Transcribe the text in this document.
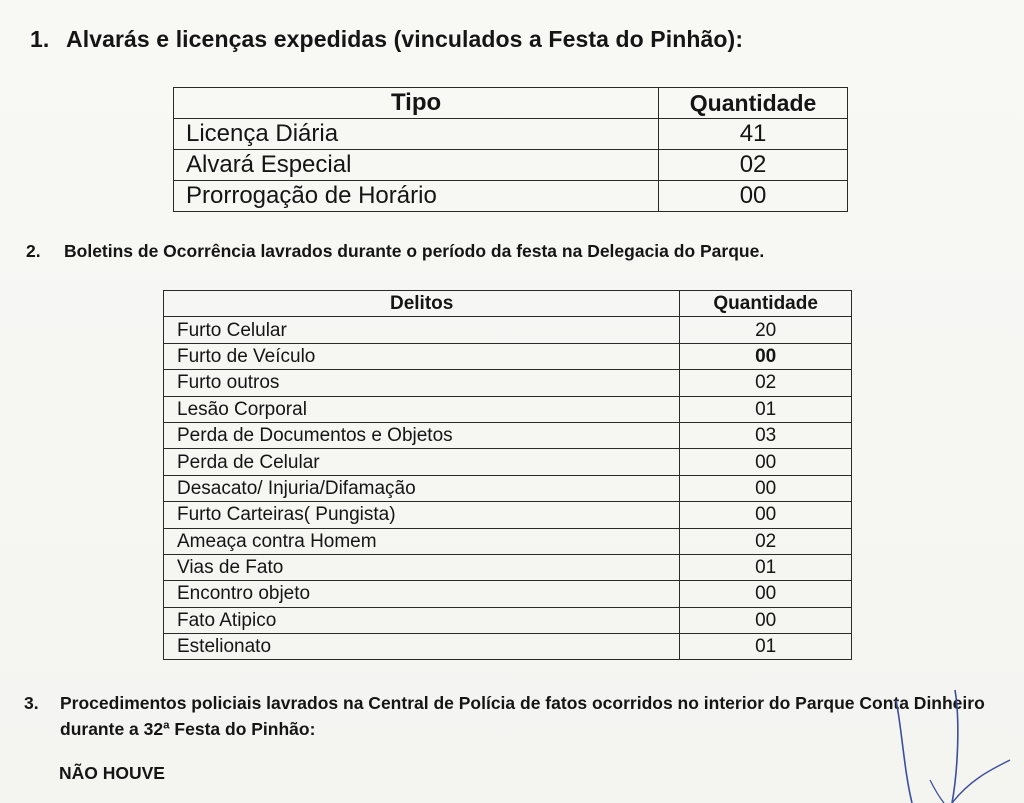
1. Alvarás e licenças expedidas (vinculados a Festa do Pinhão):
Tipo	Quantidade
Licença Diária	41
Alvará Especial	02
Prorrogação de Horário	00
2.	Boletins de Ocorrência lavrados durante o período da festa na Delegacia do Parque.
Delitos	Quantidade
Furto Celular	20
Furto de Veículo	00
Furto outros	02
Lesão Corporal	01
Perda de Documentos e Objetos	03
Perda de Celular	00
Desacato/ Injuria/Difamação	00
Furto Carteiras( Pungista)	00
Ameaça contra Homem	02
Vias de Fato	01
Encontro objeto	00
Fato Atipico	00
Estelionato	01
3.	Procedimentos policiais lavrados na Central de Polícia de fatos ocorridos no interior do Parque Conta Dinheiro durante a 32ª Festa do Pinhão:
NÃO HOUVE
